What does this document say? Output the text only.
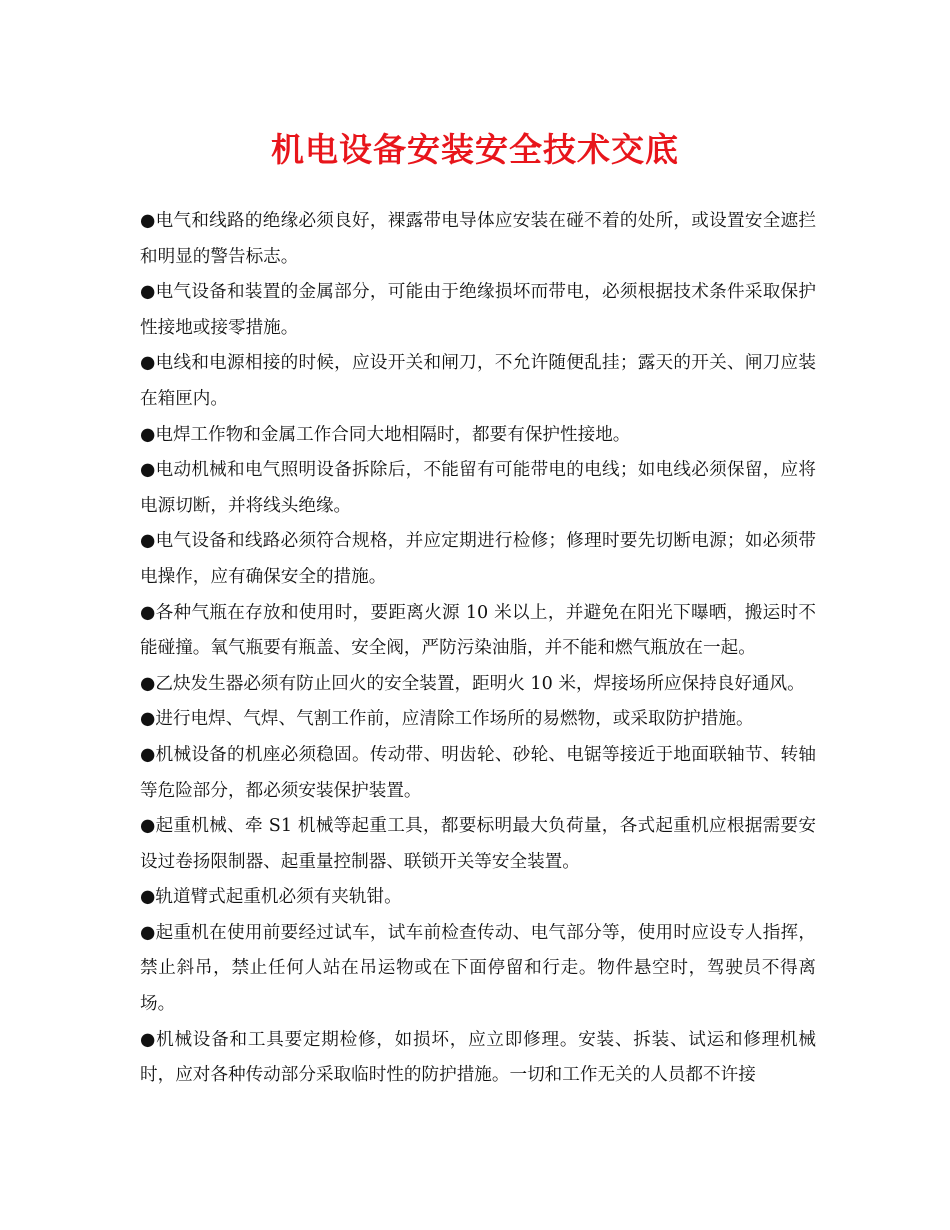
机电设备安装安全技术交底

●电气和线路的绝缘必须良好，裸露带电导体应安装在碰不着的处所，或设置安全遮拦和明显的警告标志。

●电气设备和装置的金属部分，可能由于绝缘损坏而带电，必须根据技术条件采取保护性接地或接零措施。

●电线和电源相接的时候，应设开关和闸刀，不允许随便乱挂；露天的开关、闸刀应装在箱匣内。

●电焊工作物和金属工作合同大地相隔时，都要有保护性接地。

●电动机械和电气照明设备拆除后，不能留有可能带电的电线；如电线必须保留，应将电源切断，并将线头绝缘。

●电气设备和线路必须符合规格，并应定期进行检修；修理时要先切断电源；如必须带电操作，应有确保安全的措施。

●各种气瓶在存放和使用时，要距离火源 10 米以上，并避免在阳光下曝晒，搬运时不能碰撞。氧气瓶要有瓶盖、安全阀，严防污染油脂，并不能和燃气瓶放在一起。

●乙炔发生器必须有防止回火的安全装置，距明火 10 米，焊接场所应保持良好通风。

●进行电焊、气焊、气割工作前，应清除工作场所的易燃物，或采取防护措施。

●机械设备的机座必须稳固。传动带、明齿轮、砂轮、电锯等接近于地面联轴节、转轴等危险部分，都必须安装保护装置。

●起重机械、牵 S1 机械等起重工具，都要标明最大负荷量，各式起重机应根据需要安设过卷扬限制器、起重量控制器、联锁开关等安全装置。

●轨道臂式起重机必须有夹轨钳。

●起重机在使用前要经过试车，试车前检查传动、电气部分等，使用时应设专人指挥，禁止斜吊，禁止任何人站在吊运物或在下面停留和行走。物件悬空时，驾驶员不得离场。

●机械设备和工具要定期检修，如损坏，应立即修理。安装、拆装、试运和修理机械时，应对各种传动部分采取临时性的防护措施。一切和工作无关的人员都不许接
